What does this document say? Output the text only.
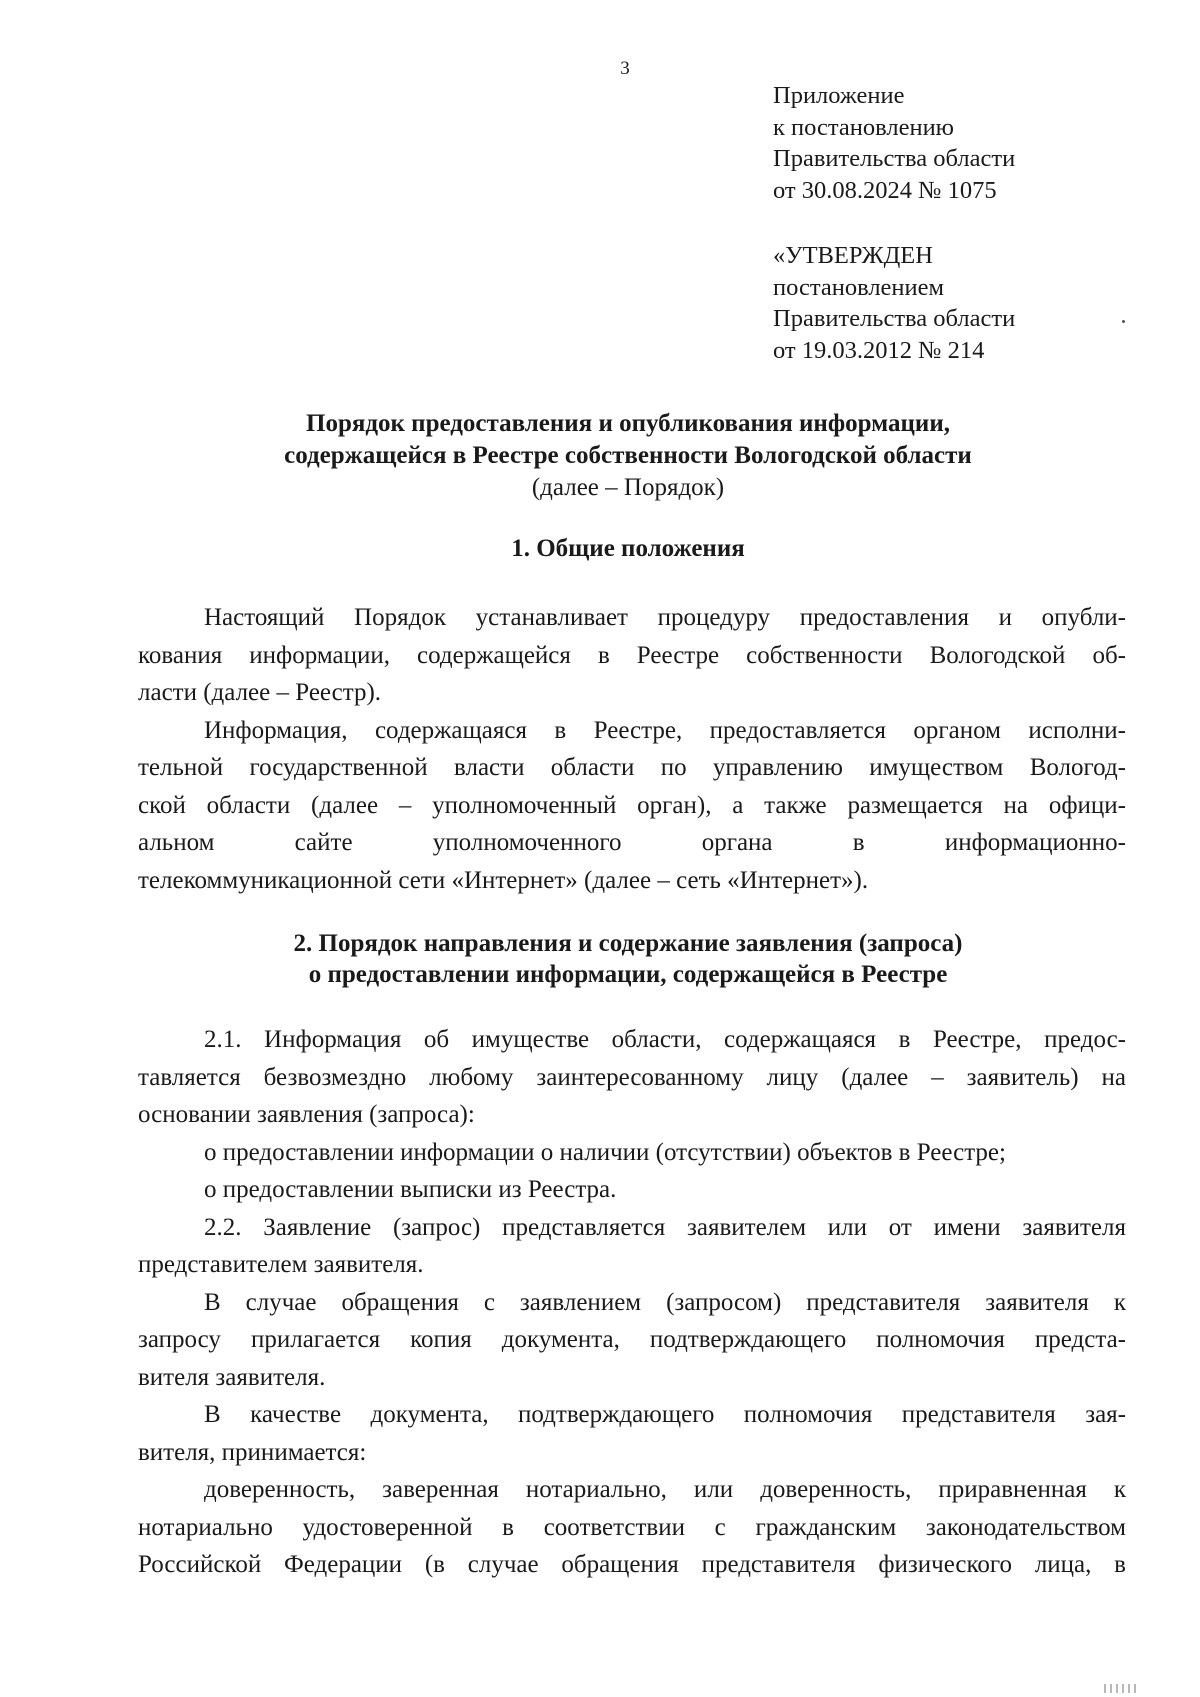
3
Приложение
к постановлению
Правительства области
от 30.08.2024 № 1075
«УТВЕРЖДЕН
постановлением
Правительства области
от 19.03.2012 № 214
Порядок предоставления и опубликования информации,
содержащейся в Реестре собственности Вологодской области
(далее – Порядок)
1. Общие положения
Настоящий Порядок устанавливает процедуру предоставления и опубли-
кования информации, содержащейся в Реестре собственности Вологодской об-
ласти (далее – Реестр).
Информация, содержащаяся в Реестре, предоставляется органом исполни-
тельной государственной власти области по управлению имуществом Вологод-
ской области (далее – уполномоченный орган), а также размещается на офици-
альном сайте уполномоченного органа в информационно-
телекоммуникационной сети «Интернет» (далее – сеть «Интернет»).
2. Порядок направления и содержание заявления (запроса)
о предоставлении информации, содержащейся в Реестре
2.1. Информация об имуществе области, содержащаяся в Реестре, предос-
тавляется безвозмездно любому заинтересованному лицу (далее – заявитель) на
основании заявления (запроса):
о предоставлении информации о наличии (отсутствии) объектов в Реестре;
о предоставлении выписки из Реестра.
2.2. Заявление (запрос) представляется заявителем или от имени заявителя
представителем заявителя.
В случае обращения с заявлением (запросом) представителя заявителя к
запросу прилагается копия документа, подтверждающего полномочия предста-
вителя заявителя.
В качестве документа, подтверждающего полномочия представителя зая-
вителя, принимается:
доверенность, заверенная нотариально, или доверенность, приравненная к
нотариально удостоверенной в соответствии с гражданским законодательством
Российской Федерации (в случае обращения представителя физического лица, в
